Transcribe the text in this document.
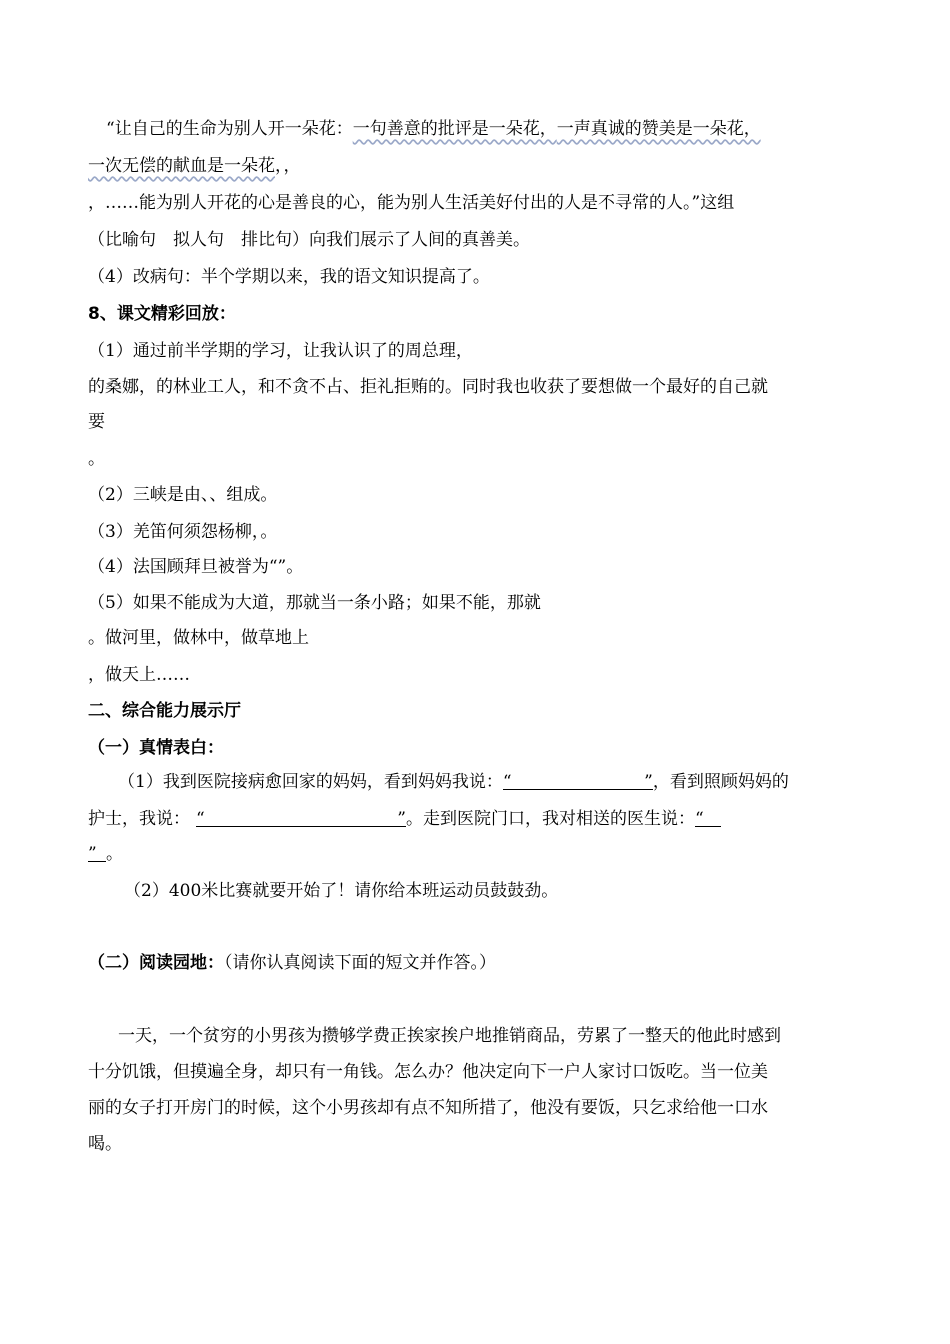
“让自己的生命为别人开一朵花：一句善意的批评是一朵花，一声真诚的赞美是一朵花，
一次无偿的献血是一朵花，，
，……能为别人开花的心是善良的心，能为别人生活美好付出的人是不寻常的人。”这组
（比喻句　拟人句　排比句）向我们展示了人间的真善美。
（4）改病句：半个学期以来，我的语文知识提高了。
8、课文精彩回放：
（1）通过前半学期的学习，让我认识了的周总理，
的桑娜，的林业工人，和不贪不占、拒礼拒贿的。同时我也收获了要想做一个最好的自己就
要
。
（2）三峡是由、、组成。
（3）羌笛何须怨杨柳，。
（4）法国顾拜旦被誉为“”。
（5）如果不能成为大道，那就当一条小路；如果不能，那就
。做河里，做林中，做草地上
，做天上……
二、综合能力展示厅
（一）真情表白：
（1）我到医院接病愈回家的妈妈，看到妈妈我说：“	” ，看到照顾妈妈的
护士，我说： “	” 。走到医院门口，我对相送的医生说：“
” 。
（2）400米比赛就要开始了！请你给本班运动员鼓鼓劲。
（二）阅读园地：（请你认真阅读下面的短文并作答。）
一天，一个贫穷的小男孩为攒够学费正挨家挨户地推销商品，劳累了一整天的他此时感到
十分饥饿，但摸遍全身，却只有一角钱。怎么办？他决定向下一户人家讨口饭吃。当一位美
丽的女子打开房门的时候，这个小男孩却有点不知所措了，他没有要饭，只乞求给他一口水
喝。
